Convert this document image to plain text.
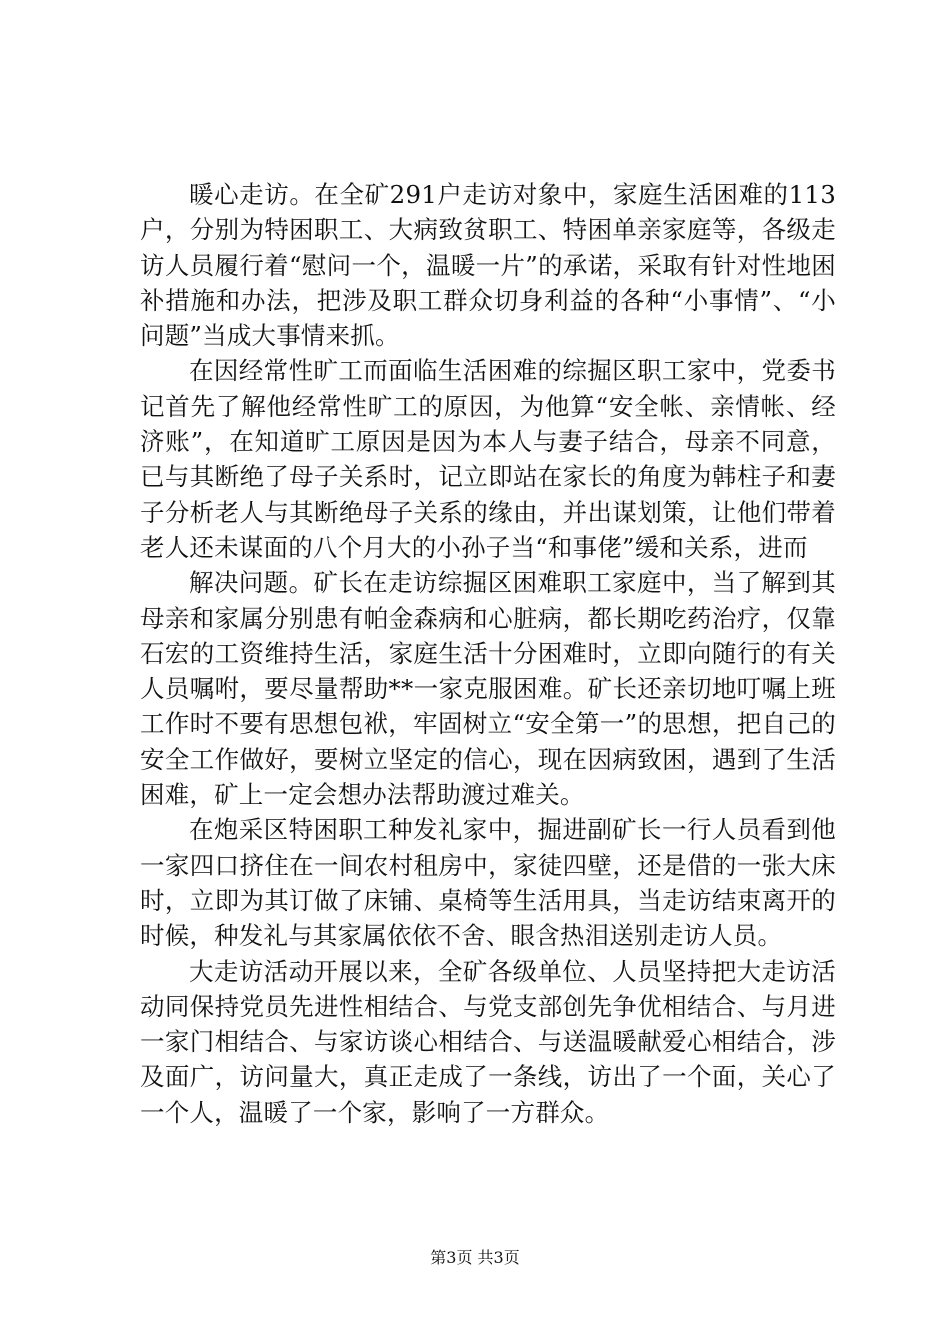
暖心走访。在全矿291户走访对象中，家庭生活困难的113户，分别为特困职工、大病致贫职工、特困单亲家庭等，各级走访人员履行着“慰问一个，温暖一片”的承诺，采取有针对性地困补措施和办法，把涉及职工群众切身利益的各种“小事情”、“小问题”当成大事情来抓。

在因经常性旷工而面临生活困难的综掘区职工家中，党委书记首先了解他经常性旷工的原因，为他算“安全帐、亲情帐、经济账”，在知道旷工原因是因为本人与妻子结合，母亲不同意，已与其断绝了母子关系时，记立即站在家长的角度为韩柱子和妻子分析老人与其断绝母子关系的缘由，并出谋划策，让他们带着老人还未谋面的八个月大的小孙子当“和事佬”缓和关系，进而

解决问题。矿长在走访综掘区困难职工家庭中，当了解到其母亲和家属分别患有帕金森病和心脏病，都长期吃药治疗，仅靠石宏的工资维持生活，家庭生活十分困难时，立即向随行的有关人员嘱咐，要尽量帮助**一家克服困难。矿长还亲切地叮嘱上班工作时不要有思想包袱，牢固树立“安全第一”的思想，把自己的安全工作做好，要树立坚定的信心，现在因病致困，遇到了生活困难，矿上一定会想办法帮助渡过难关。

在炮采区特困职工种发礼家中，掘进副矿长一行人员看到他一家四口挤住在一间农村租房中，家徒四壁，还是借的一张大床时，立即为其订做了床铺、桌椅等生活用具，当走访结束离开的时候，种发礼与其家属依依不舍、眼含热泪送别走访人员。

大走访活动开展以来，全矿各级单位、人员坚持把大走访活动同保持党员先进性相结合、与党支部创先争优相结合、与月进一家门相结合、与家访谈心相结合、与送温暖献爱心相结合，涉及面广，访问量大，真正走成了一条线，访出了一个面，关心了一个人，温暖了一个家，影响了一方群众。

第3页 共3页
